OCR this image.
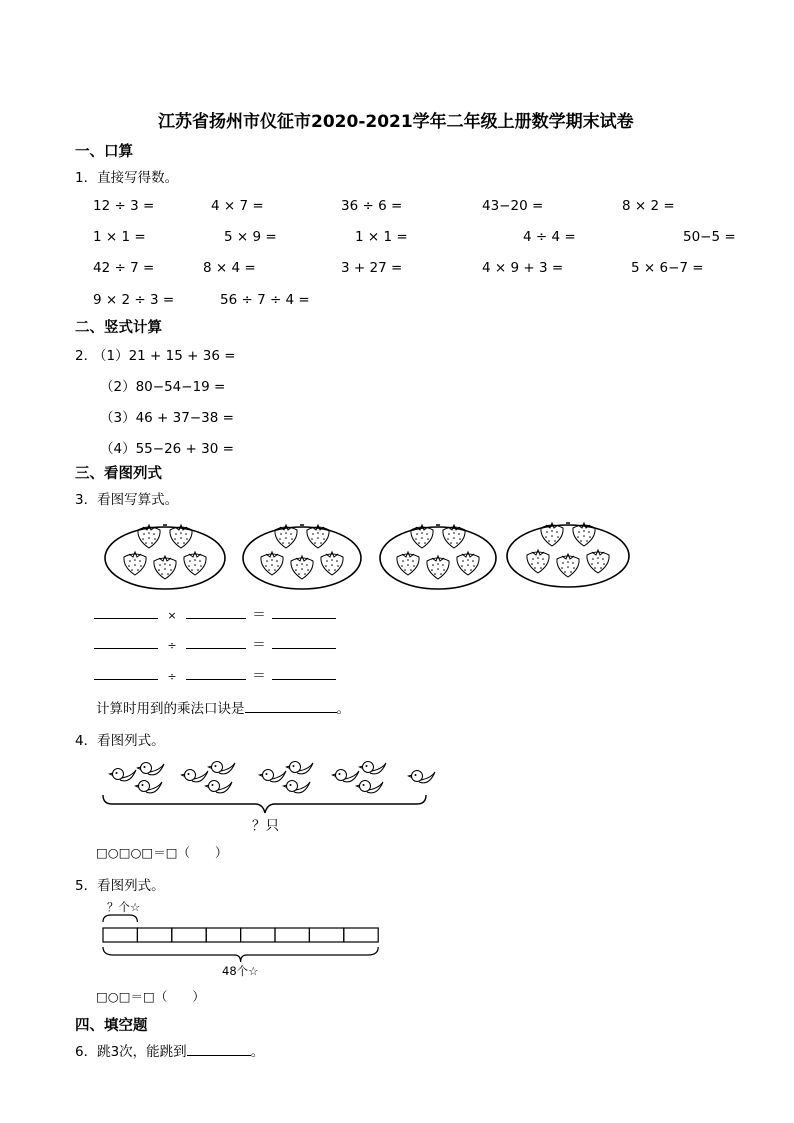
江苏省扬州市仪征市2020-2021学年二年级上册数学期末试卷
一、口算
1．直接写得数。
12 ÷ 3 =	4 × 7 =	36 ÷ 6 =	43−20 =	8 × 2 =
1 × 1 =	5 × 9 =	1 × 1 =	4 ÷ 4 =	50−5 =
42 ÷ 7 =	8 × 4 =	3 + 27 =	4 × 9 + 3 =	5 × 6−7 =
9 × 2 ÷ 3 =	56 ÷ 7 ÷ 4 =
二、竖式计算
2．
（1）21 + 15 + 36 =
（2）80−54−19 =
（3）46 + 37−38 =
（4）55−26 + 30 =
三、看图列式
3．看图写算式。
×	＝
÷	＝
÷	＝
计算时用到的乘法口诀是	。
4．看图列式。
？只
□○□○□＝□（　　）
5．看图列式。
？个☆
48个☆
□○□＝□（　　）
四、填空题
6．跳3次，能跳到	。
